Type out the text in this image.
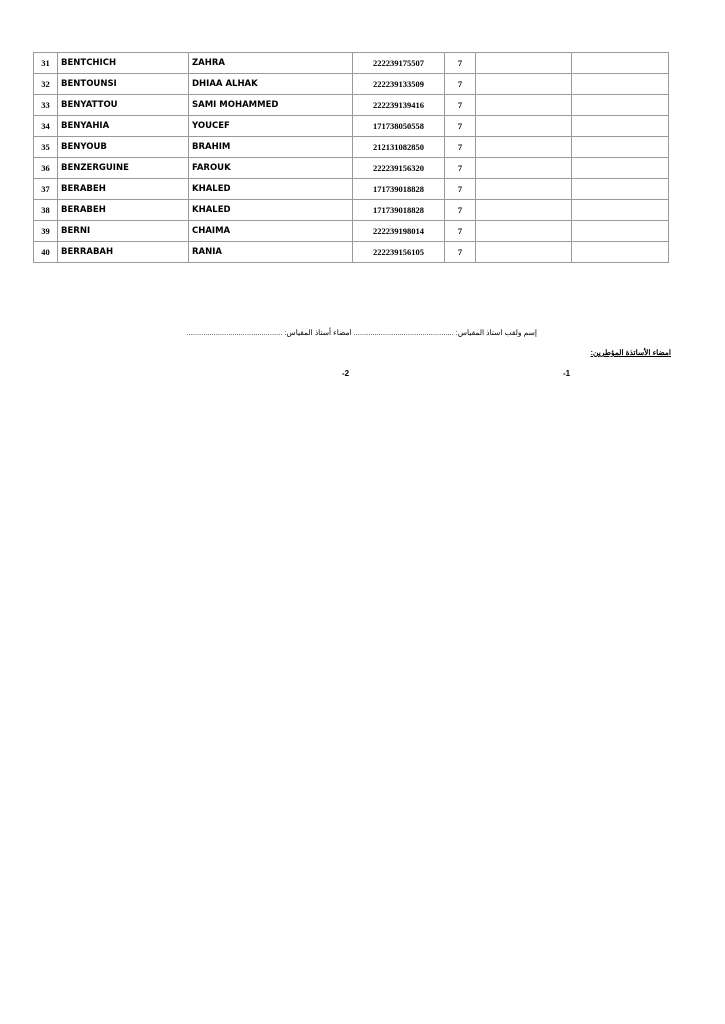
31	BENTCHICH	ZAHRA	222239175507	7		
32	BENTOUNSI	DHIAA ALHAK	222239133509	7		
33	BENYATTOU	SAMI MOHAMMED	222239139416	7		
34	BENYAHIA	YOUCEF	171738050558	7		
35	BENYOUB	BRAHIM	212131082850	7		
36	BENZERGUINE	FAROUK	222239156320	7		
37	BERABEH	KHALED	171739018828	7		
38	BERABEH	KHALED	171739018828	7		
39	BERNI	CHAIMA	222239198014	7		
40	BERRABAH	RANIA	222239156105	7		
إسم ولقب استاذ المقياس: ................................................ امضاء أستاذ المقياس: ..............................................
امضاء الأساتذة المؤطرين:
-1
-2
